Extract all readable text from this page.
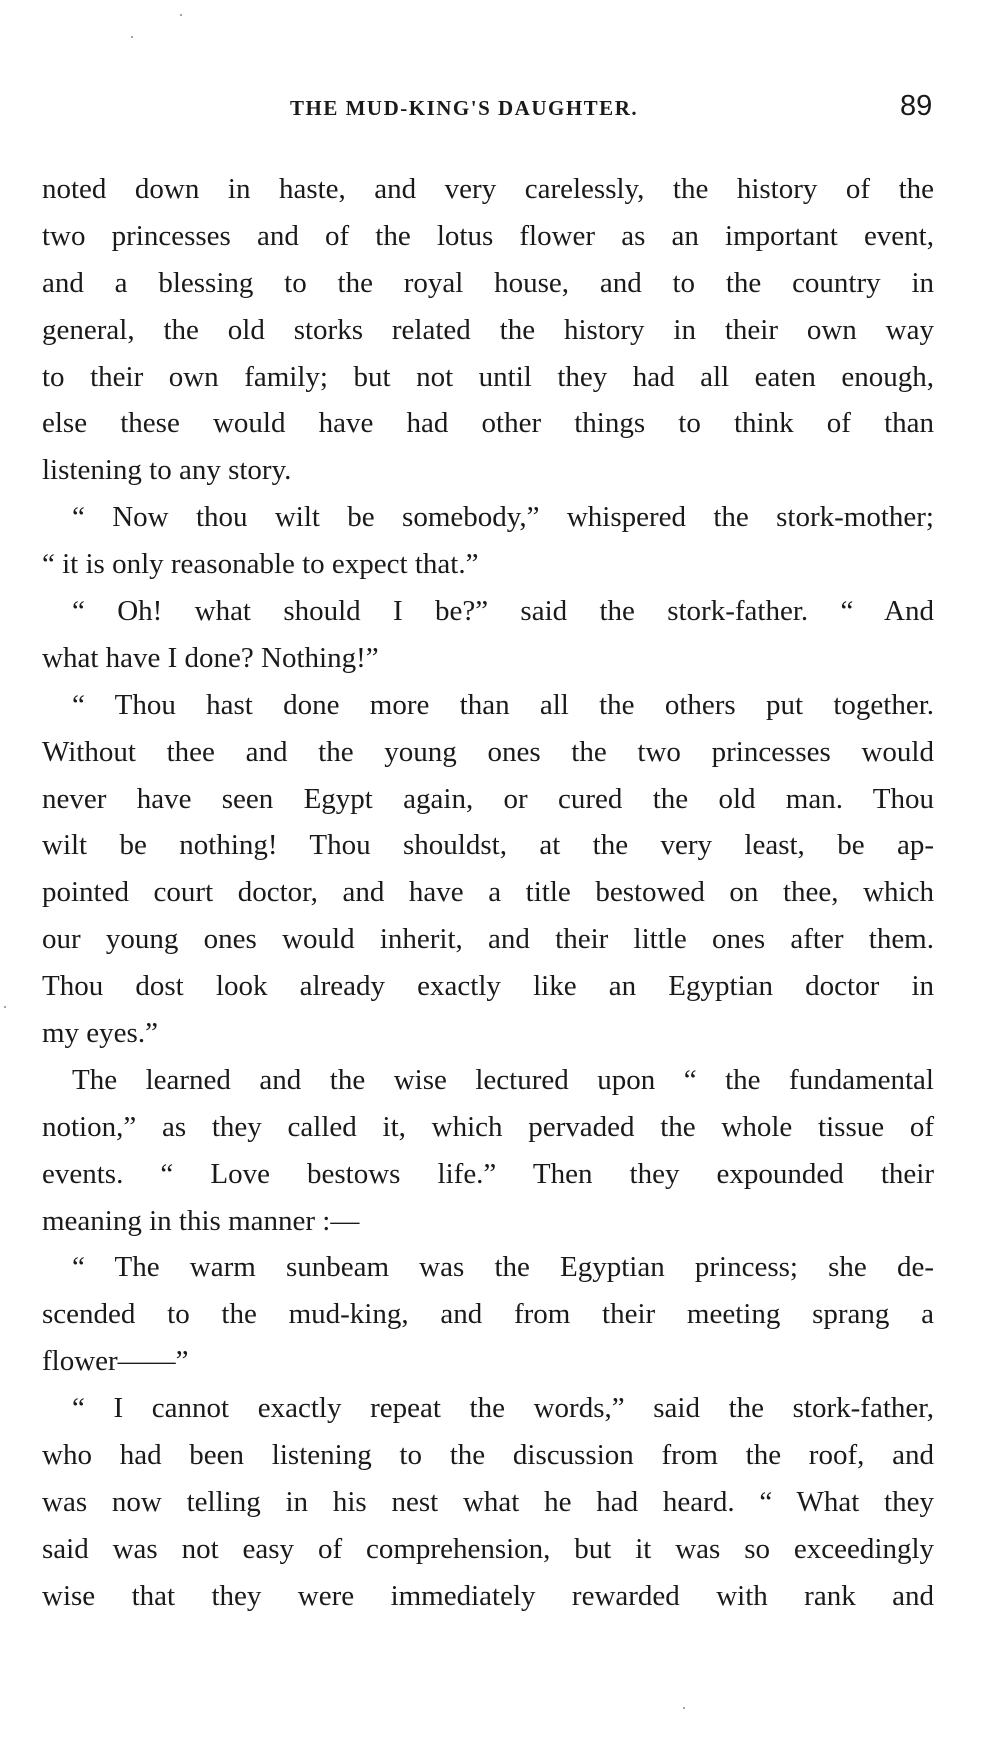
THE MUD-KING'S DAUGHTER.	89
noted down in haste, and very carelessly, the history of the
two princesses and of the lotus flower as an important event,
and a blessing to the royal house, and to the country in
general, the old storks related the history in their own way
to their own family; but not until they had all eaten enough,
else these would have had other things to think of than
listening to any story.
“ Now thou wilt be somebody,” whispered the stork-mother;
“ it is only reasonable to expect that.”
“ Oh! what should I be?” said the stork-father. “ And
what have I done? Nothing!”
“ Thou hast done more than all the others put together.
Without thee and the young ones the two princesses would
never have seen Egypt again, or cured the old man. Thou
wilt be nothing! Thou shouldst, at the very least, be ap-
pointed court doctor, and have a title bestowed on thee, which
our young ones would inherit, and their little ones after them.
Thou dost look already exactly like an Egyptian doctor in
my eyes.”
The learned and the wise lectured upon “ the fundamental
notion,” as they called it, which pervaded the whole tissue of
events. “ Love bestows life.” Then they expounded their
meaning in this manner :—
“ The warm sunbeam was the Egyptian princess; she de-
scended to the mud-king, and from their meeting sprang a
flower——”
“ I cannot exactly repeat the words,” said the stork-father,
who had been listening to the discussion from the roof, and
was now telling in his nest what he had heard. “ What they
said was not easy of comprehension, but it was so exceedingly
wise that they were immediately rewarded with rank and
